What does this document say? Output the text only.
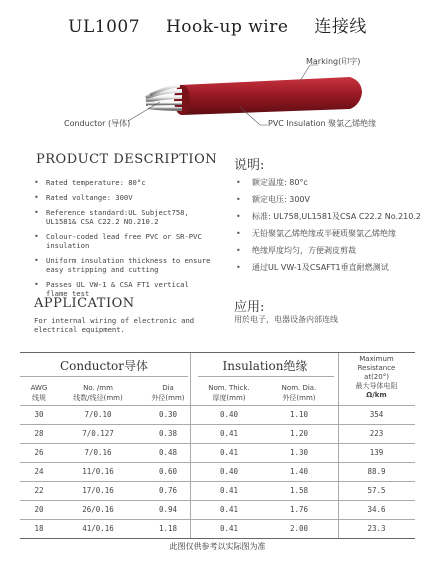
UL1007 Hook-up wire 连接线
Marking(印字)
Conductor (导体)	PVC Insulation 聚氯乙烯绝缘
PRODUCT DESCRIPTION
• Rated temperature: 80°c
• Rated voltange: 300V
• Reference standard:UL Subject758, UL1581& CSA C22.2 NO.210.2
• Colour-coded lead free PVC or SR-PVC insulation
• Uniform insulation thickness to ensure easy stripping and cutting
• Passes UL VW-1 & CSA FT1 vertical flame test
说明:
• 额定温度: 80°c
• 额定电压: 300V
• 标准: UL758,UL1581及CSA C22.2 No.210.2
• 无铅聚氯乙烯绝缘或半硬质聚氯乙烯绝缘
• 绝缘厚度均匀，方便剥皮剪裁
• 通过UL VW-1及CSAFT1垂直耐燃测试
APPLICATION
For internal wiring of electronic and electrical equipment.
应用:
用於电子，电器设备内部连线
Conductor导体	Insulation绝缘
AWG
线规
No. /mm
线数/线径(mm)
Dia
外径(mm)
Nom. Thick.
厚度(mm)
Nom. Dia.
外径(mm)
Maximum
Resistance
at(20°)
最大导体电阻
Ω/km
30	7/0.10	0.30	0.40	1.10	354
28	7/0.127	0.38	0.41	1.20	223
26	7/0.16	0.48	0.41	1.30	139
24	11/0.16	0.60	0.40	1.40	88.9
22	17/0.16	0.76	0.41	1.58	57.5
20	26/0.16	0.94	0.41	1.76	34.6
18	41/0.16	1.18	0.41	2.00	23.3
此图仅供参考以实际图为准
